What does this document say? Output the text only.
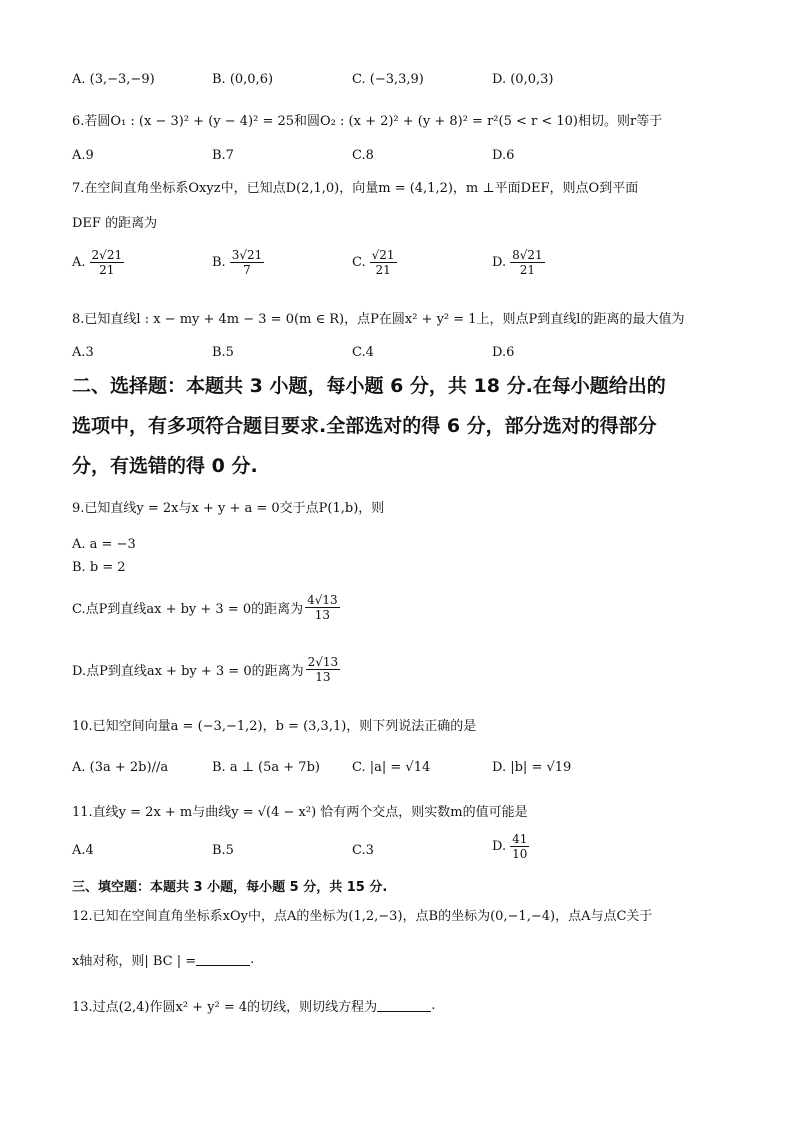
A. (3,−3,−9)	B. (0,0,6)	C. (−3,3,9)	D. (0,0,3)
6.若圆O₁ : (x − 3)² + (y − 4)² = 25和圆O₂ : (x + 2)² + (y + 8)² = r²(5 < r < 10)相切。则r等于
A.9	B.7	C.8	D.6
7.在空间直角坐标系Oxyz中，已知点D(2,1,0)，向量m = (4,1,2)，m ⊥平面DEF，则点O到平面
DEF 的距离为
A. $\frac{2√21}{21}$	B. $\frac{3√21}{7}$	C. $\frac{√21}{21}$	D. $\frac{8√21}{21}$
8.已知直线l : x − my + 4m − 3 = 0(m ∈ R)，点P在圆x² + y² = 1上，则点P到直线l的距离的最大值为
A.3	B.5	C.4	D.6
二、选择题：本题共 3 小题，每小题 6 分，共 18 分.在每小题给出的
选项中，有多项符合题目要求.全部选对的得 6 分，部分选对的得部分
分，有选错的得 0 分.
9.已知直线y = 2x与x + y + a = 0交于点P(1,b)，则
A. a = −3
B. b = 2
C.点P到直线ax + by + 3 = 0的距离为 $\frac{4√13}{13}$
D.点P到直线ax + by + 3 = 0的距离为 $\frac{2√13}{13}$
10.已知空间向量a = (−3,−1,2)，b = (3,3,1)，则下列说法正确的是
A. (3a + 2b)//a	B. a ⊥ (5a + 7b) C. |a| = √14	D. |b| = √19
11.直线y = 2x + m与曲线y = √(4 − x²) 恰有两个交点，则实数m的值可能是
A.4	B.5	C.3	D. $\frac{41}{10}$
三、填空题：本题共 3 小题，每小题 5 分，共 15 分.
12.已知在空间直角坐标系xOy中，点A的坐标为(1,2,−3)，点B的坐标为(0,−1,−4)，点A与点C关于
x轴对称，则| BC | =	.
13.过点(2,4)作圆x² + y² = 4的切线，则切线方程为	.
